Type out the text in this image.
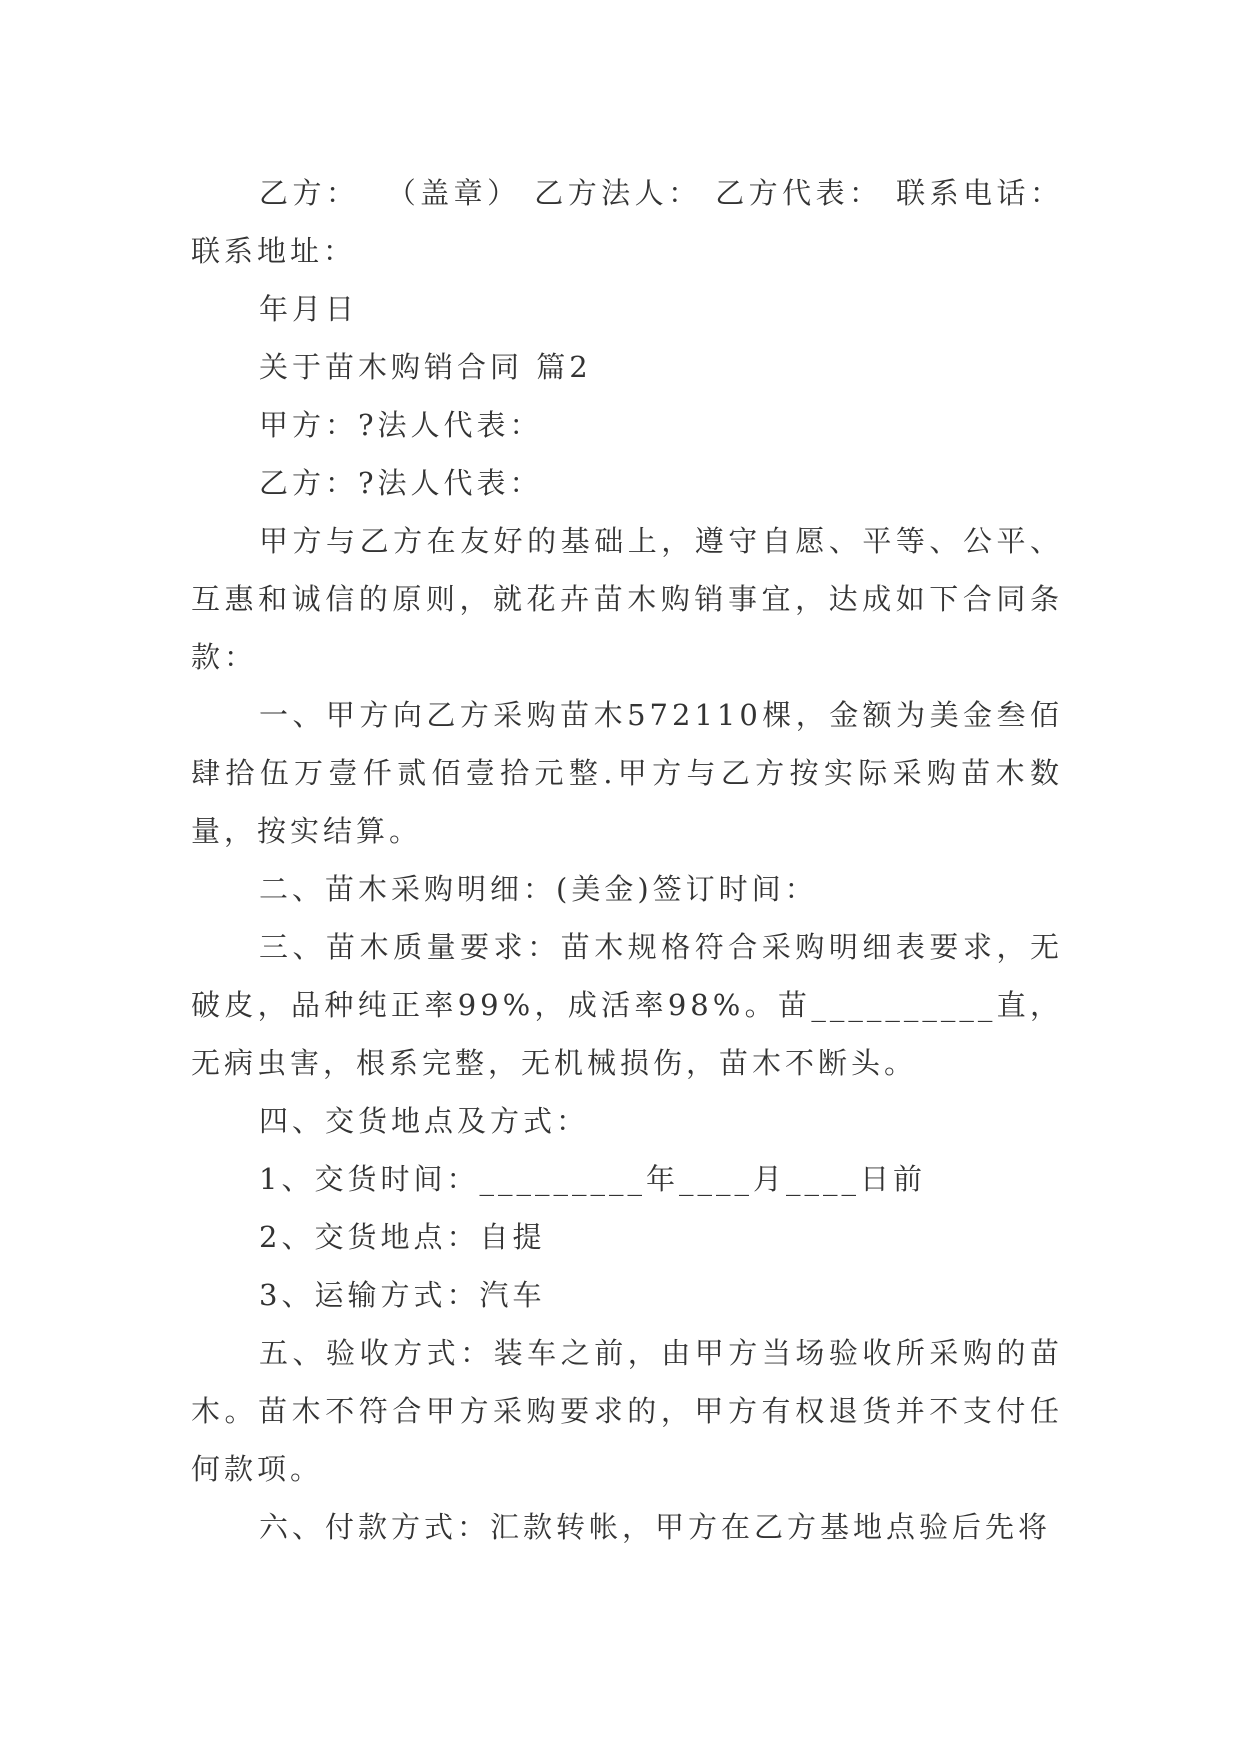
乙方：  （盖章） 乙方法人： 乙方代表： 联系电话：联系地址：

年月日

关于苗木购销合同 篇2

甲方：?法人代表：

乙方：?法人代表：

甲方与乙方在友好的基础上，遵守自愿、平等、公平、互惠和诚信的原则，就花卉苗木购销事宜，达成如下合同条款：

一、甲方向乙方采购苗木572110棵，金额为美金叁佰肆拾伍万壹仟贰佰壹拾元整.甲方与乙方按实际采购苗木数量，按实结算。

二、苗木采购明细：(美金)签订时间：

三、苗木质量要求：苗木规格符合采购明细表要求，无破皮，品种纯正率99%，成活率98%。苗__________直，无病虫害，根系完整，无机械损伤，苗木不断头。

四、交货地点及方式：

1、交货时间：_________年____月____日前

2、交货地点：自提

3、运输方式：汽车

五、验收方式：装车之前，由甲方当场验收所采购的苗木。苗木不符合甲方采购要求的，甲方有权退货并不支付任何款项。

六、付款方式：汇款转帐，甲方在乙方基地点验后先将
